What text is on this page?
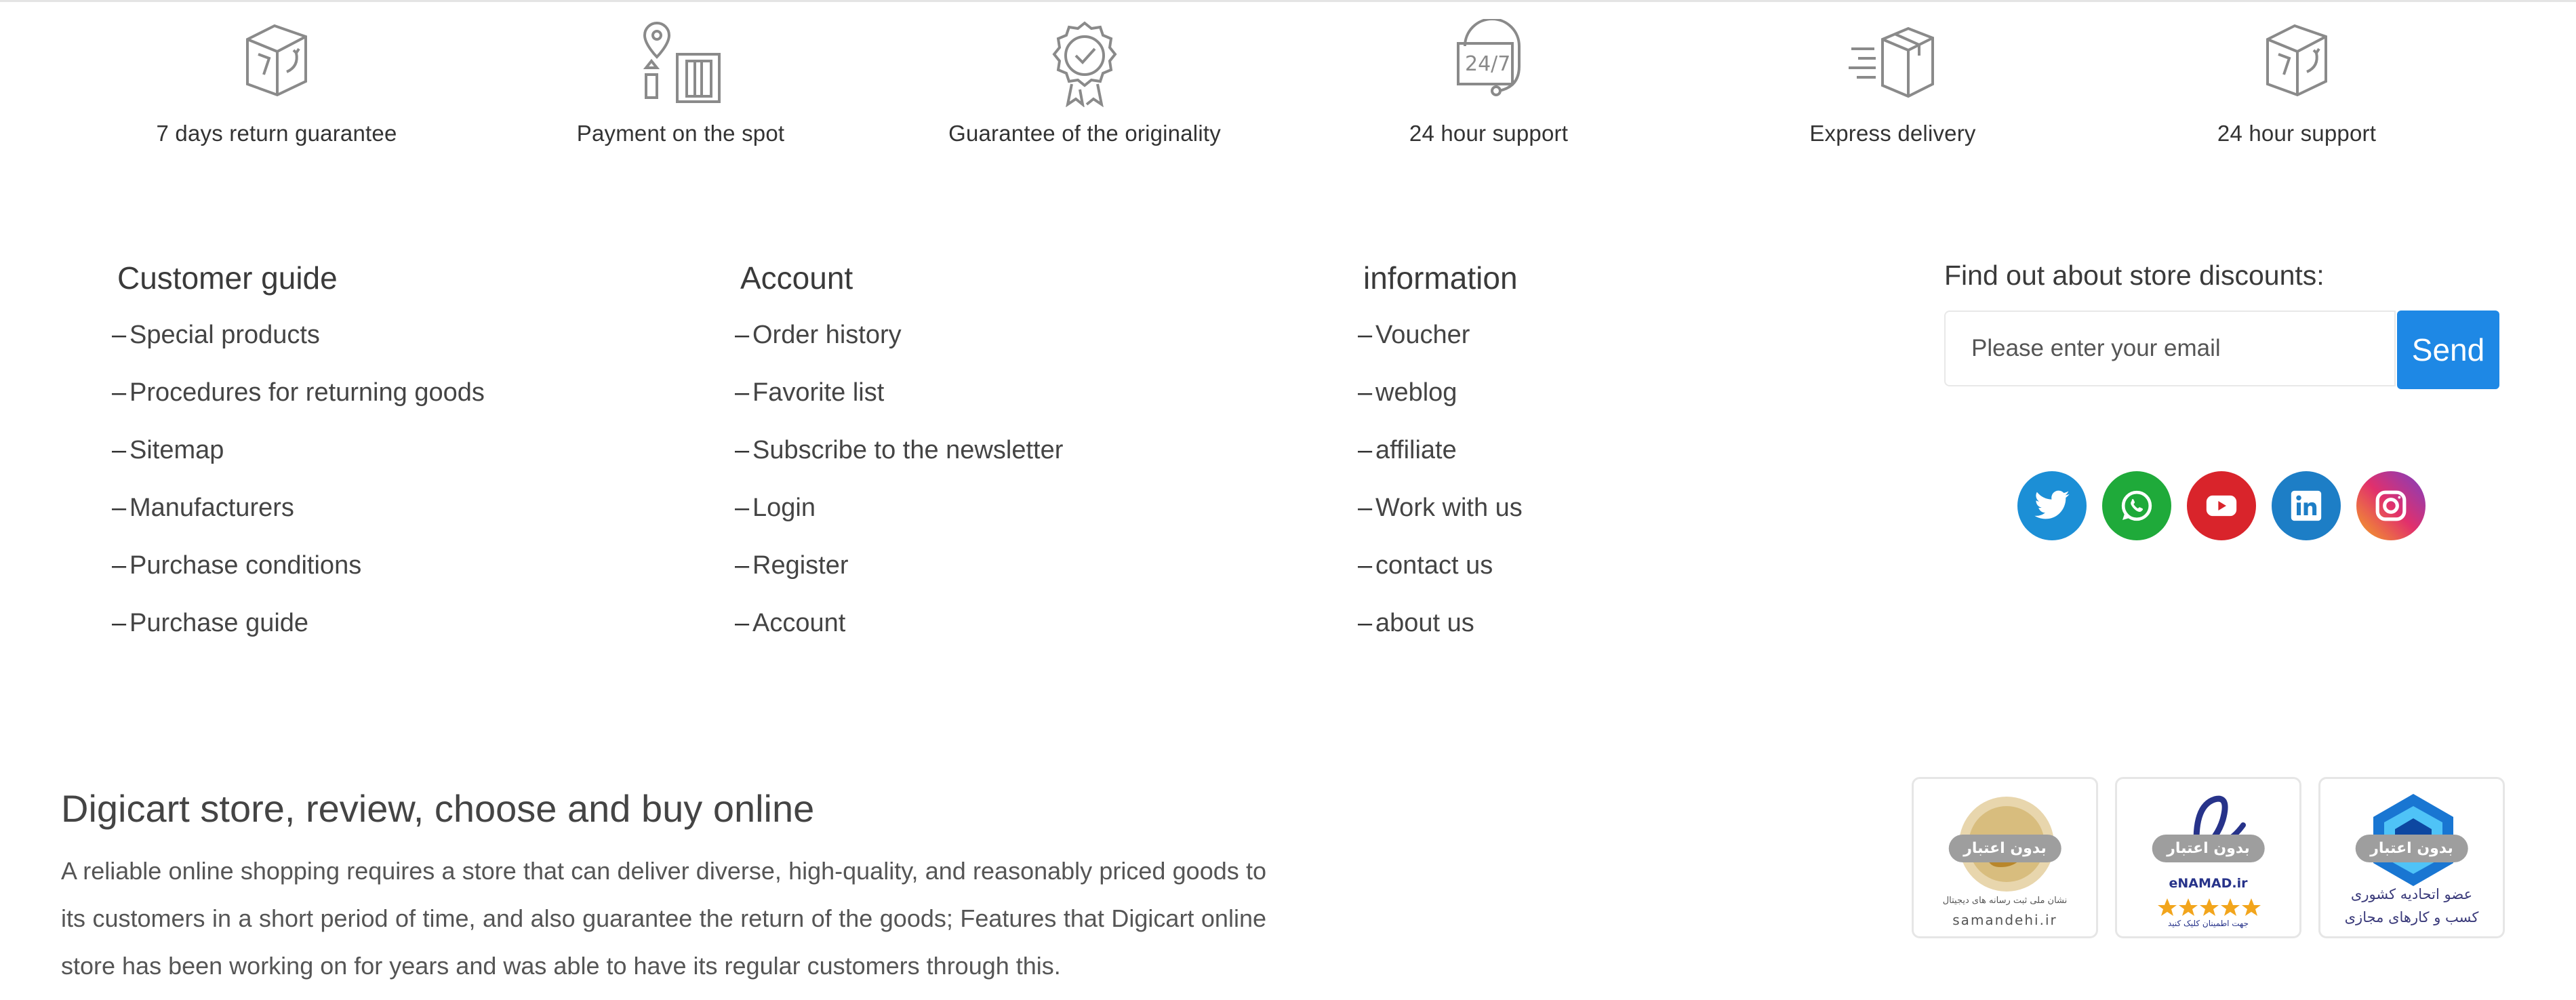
7 days return guarantee	Payment on the spot	Guarantee of the originality
24/7
24 hour support	Express delivery	24 hour support
Customer guide
– Special products
– Procedures for returning goods
– Sitemap
– Manufacturers
– Purchase conditions
– Purchase guide
Account
– Order history
– Favorite list
– Subscribe to the newsletter
– Login
– Register
– Account
information
– Voucher
– weblog
– affiliate
– Work with us
– contact us
– about us
Find out about store discounts:
Please enter your email
Send
Digicart store, review, choose and buy online

A reliable online shopping requires a store that can deliver diverse, high-quality, and reasonably priced goods to its customers in a short period of time, and also guarantee the return of the goods; Features that Digicart online store has been working on for years and was able to have its regular customers through this.

بدون اعتبار
نشان ملی ثبت رسانه های دیجیتال
samandehi.ir
بدون اعتبار
eNAMAD.ir
جهت اطمینان کلیک کنید
بدون اعتبار
عضو اتحادیه کشوری
کسب و کارهای مجازی
